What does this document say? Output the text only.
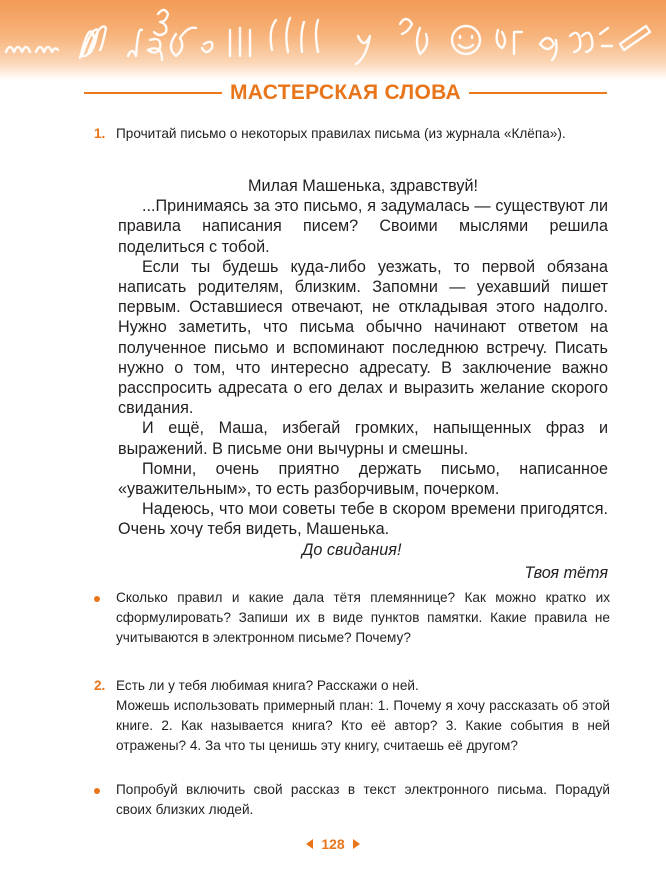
МАСТЕРСКАЯ СЛОВА
1. Прочитай письмо о некоторых правилах письма (из журнала «Клёпа»).

Милая Машенька, здравствуй!

...Принимаясь за это письмо, я задумалась — существуют ли правила написания писем? Своими мыслями решила поделиться с тобой.

Если ты будешь куда-либо уезжать, то первой обязана написать родителям, близким. Запомни — уехавший пишет первым. Оставшиеся отвечают, не откладывая этого надолго. Нужно заметить, что письма обычно начинают ответом на полученное письмо и вспоминают последнюю встречу. Писать нужно о том, что интересно адресату. В заключение важно расспросить адресата о его делах и выразить желание скорого свидания.

И ещё, Маша, избегай громких, напыщенных фраз и выражений. В письме они вычурны и смешны.

Помни, очень приятно держать письмо, написанное «уважительным», то есть разборчивым, почерком.

Надеюсь, что мои советы тебе в скором времени пригодятся. Очень хочу тебя видеть, Машенька.

До свидания!

Твоя тётя

Сколько правил и какие дала тётя племяннице? Как можно кратко их сформулировать? Запиши их в виде пунктов памятки. Какие правила не учитываются в электронном письме? Почему?
2. Есть ли у тебя любимая книга? Расскажи о ней.
Можешь использовать примерный план: 1. Почему я хочу рассказать об этой книге. 2. Как называется книга? Кто её автор? 3. Какие события в ней отражены? 4. За что ты ценишь эту книгу, считаешь её другом?
Попробуй включить свой рассказ в текст электронного письма. Порадуй своих близких людей.
128
